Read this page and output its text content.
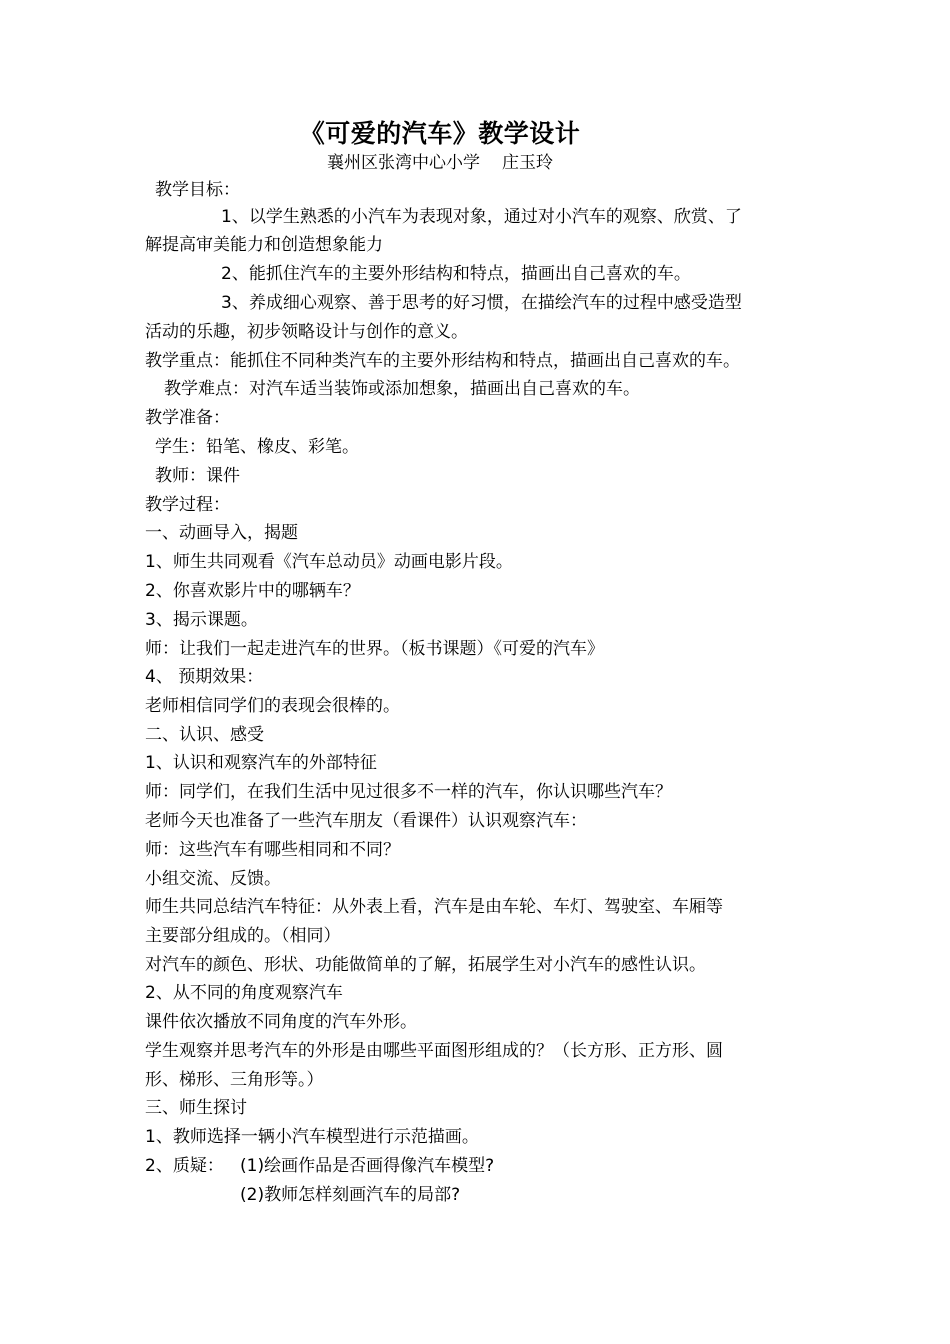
《可爱的汽车》教学设计
襄州区张湾中心小学 庄玉玲
教学目标：
1、以学生熟悉的小汽车为表现对象，通过对小汽车的观察、欣赏、了
解提高审美能力和创造想象能力
2、能抓住汽车的主要外形结构和特点，描画出自己喜欢的车。
3、养成细心观察、善于思考的好习惯，在描绘汽车的过程中感受造型
活动的乐趣，初步领略设计与创作的意义。
教学重点：能抓住不同种类汽车的主要外形结构和特点，描画出自己喜欢的车。
教学难点：对汽车适当装饰或添加想象，描画出自己喜欢的车。
教学准备：
学生：铅笔、橡皮、彩笔。
教师：课件
教学过程：
一、动画导入，揭题
1、师生共同观看《汽车总动员》动画电影片段。
2、你喜欢影片中的哪辆车？
3、揭示课题。
师：让我们一起走进汽车的世界。（板书课题）《可爱的汽车》
4、 预期效果：
老师相信同学们的表现会很棒的。
二、认识、感受
1、认识和观察汽车的外部特征
师：同学们，在我们生活中见过很多不一样的汽车，你认识哪些汽车？
老师今天也准备了一些汽车朋友（看课件）认识观察汽车：
师：这些汽车有哪些相同和不同？
小组交流、反馈。
师生共同总结汽车特征：从外表上看，汽车是由车轮、车灯、驾驶室、车厢等
主要部分组成的。（相同）
对汽车的颜色、形状、功能做简单的了解，拓展学生对小汽车的感性认识。
2、从不同的角度观察汽车
课件依次播放不同角度的汽车外形。
学生观察并思考汽车的外形是由哪些平面图形组成的？（长方形、正方形、圆
形、梯形、三角形等。）
三、师生探讨
1、教师选择一辆小汽车模型进行示范描画。
2、质疑： (1)绘画作品是否画得像汽车模型?
(2)教师怎样刻画汽车的局部?
